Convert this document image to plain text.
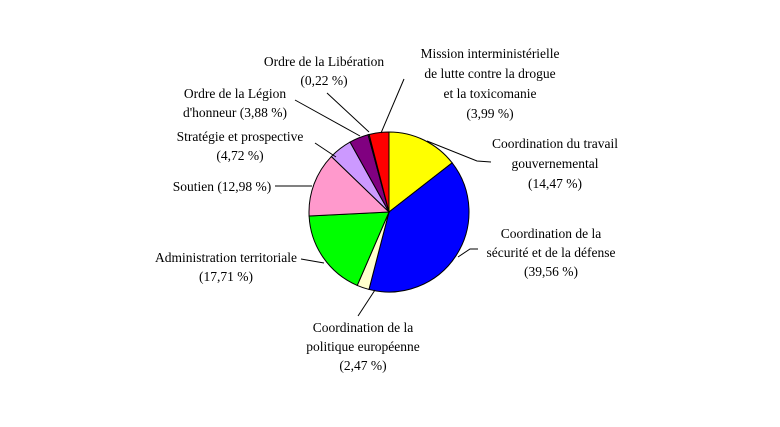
Ordre de la Libération
(0,22 %)
Mission interministérielle
de lutte contre la drogue
et la toxicomanie
(3,99 %)
Ordre de la Légion
d'honneur (3,88 %)
Stratégie et prospective
(4,72 %)
Soutien (12,98 %)
Administration territoriale
(17,71 %)
Coordination de la
politique européenne
(2,47 %)
Coordination de la
sécurité et de la défense
(39,56 %)
Coordination du travail
gouvernemental
(14,47 %)
